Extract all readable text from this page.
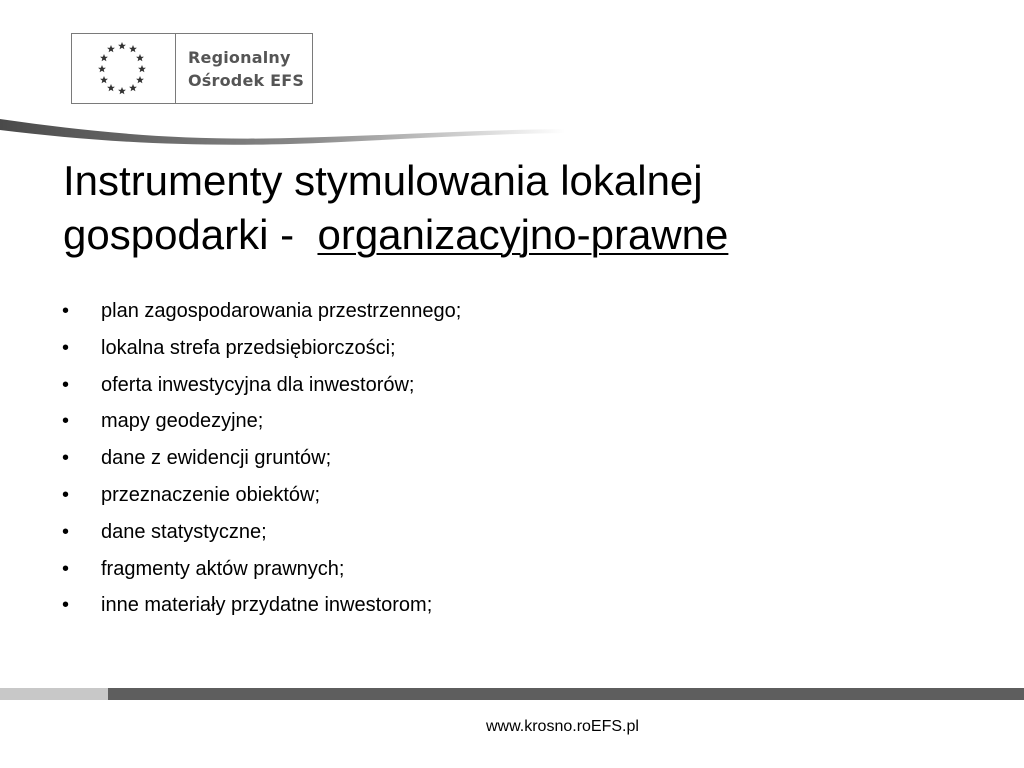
Regionalny
Ośrodek EFS
Instrumenty stymulowania lokalnej
gospodarki -  organizacyjno-prawne
• plan zagospodarowania przestrzennego;
• lokalna strefa przedsiębiorczości;
• oferta inwestycyjna dla inwestorów;
• mapy geodezyjne;
• dane z ewidencji gruntów;
• przeznaczenie obiektów;
• dane statystyczne;
• fragmenty aktów prawnych;
• inne materiały przydatne inwestorom;
www.krosno.roEFS.pl
